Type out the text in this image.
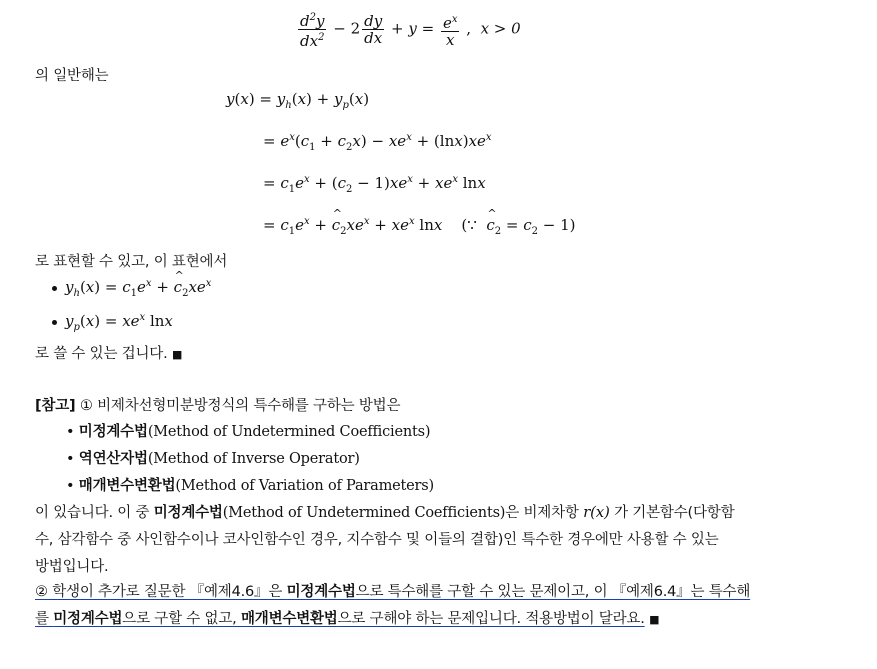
$\frac{d^2y}{dx^2} - 2 \frac{dy}{dx} + y = \frac{e^x}{x}$ , x > 0
의 일반해는
$y(x) = y_h(x) + y_p(x)$
= $e^x(c_1 + c_2x) - xe^x + (\ln x)xe^x$
= $c_1e^x + (c_2 - 1)xe^x + xe^x$ lnx
= $c_1e^x$ + ^ $c_2xe^x + xe^x$ lnx    (∵  ^ $c_2 = c_2 - 1$)
로 표현할 수 있고, 이 표현에서
$y_h(x) = c_1e^x$ + ^ $c_2xe^x$
$y_p(x) = xe^x$ lnx
로 쓸 수 있는 겁니다. ■
[참고] ① 비제차선형미분방정식의 특수해를 구하는 방법은
• 미정계수법(Method of Undetermined Coefficients)
• 역연산자법(Method of Inverse Operator)
• 매개변수변환법(Method of Variation of Parameters)
이 있습니다. 이 중 미정계수법(Method of Undetermined Coefficients)은 비제차항 r(x) 가 기본함수(다항함
수, 삼각함수 중 사인함수이나 코사인함수인 경우, 지수함수 및 이들의 결합)인 특수한 경우에만 사용할 수 있는
방법입니다.
② 학생이 추가로 질문한 『예제4.6』은 미정계수법으로 특수해를 구할 수 있는 문제이고, 이 『예제6.4』는 특수해
를 미정계수법으로 구할 수 없고, 매개변수변환법으로 구해야 하는 문제입니다. 적용방법이 달라요. ■
